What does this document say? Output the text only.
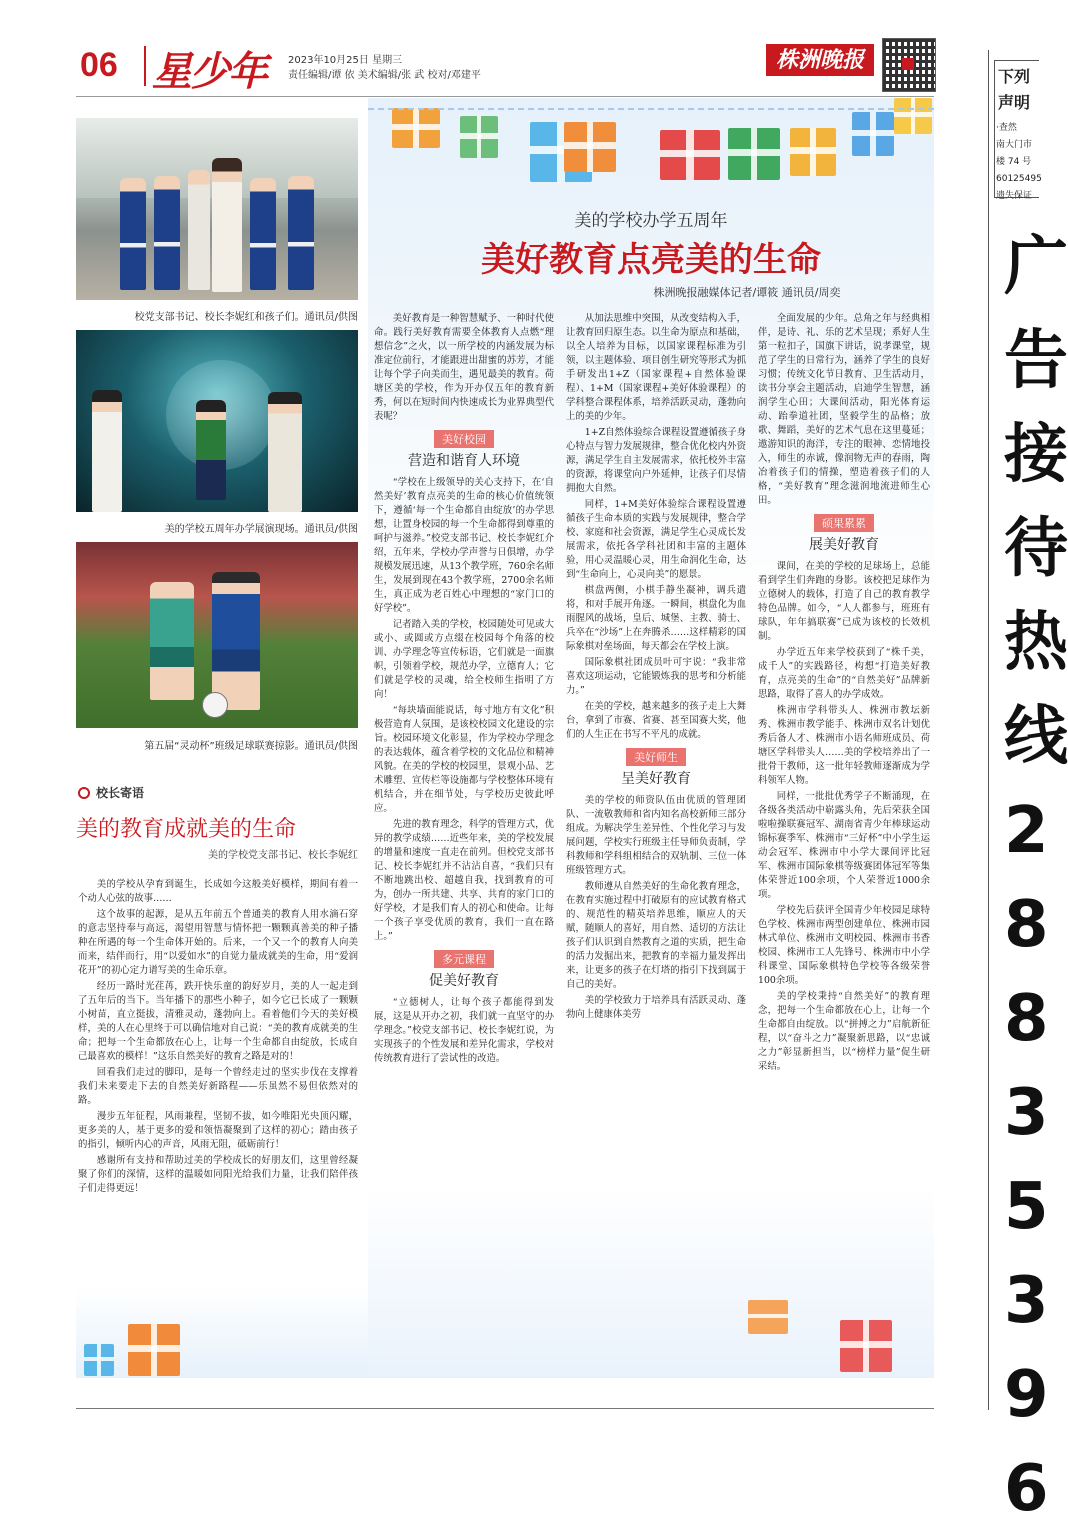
06 星少年 2023年10月25日 星期三
责任编辑/谭 依 美术编辑/张 武 校对/邓建平
株洲晚报
校党支部书记、校长李妮红和孩子们。通讯员/供图
美的学校五周年办学展演现场。通讯员/供图
第五届“灵动杯”班级足球联赛掠影。通讯员/供图
美的学校办学五周年
美好教育点亮美的生命
株洲晚报融媒体记者/谭筱 通讯员/周奕

美好教育是一种智慧赋予、一种时代使命。践行美好教育需要全体教育人点燃“理想信念”之火，以一所学校的内涵发展为标准定位前行，才能跟进出甜蜜的苏芳，才能让每个学子向美而生，遇见最美的教育。荷塘区美的学校，作为开办仅五年的教育新秀，何以在短时间内快速成长为业界典型代表呢？

美好校园
营造和谐育人环境

“学校在上级领导的关心支持下，在‘自然美好’教育点亮美的生命的核心价值统领下，遵循‘每一个生命都自由绽放’的办学思想，让置身校园的每一个生命都得到尊重的呵护与滋养。”校党支部书记、校长李妮红介绍，五年来，学校办学声誉与日俱增，办学规模发展迅速，从13个教学班，760余名师生，发展到现在43个教学班，2700余名师生，真正成为老百姓心中理想的“家门口的好学校”。

记者踏入美的学校，校园随处可见或大或小、或圆或方点缀在校园每个角落的校训、办学理念等宣传标语，它们就是一面旗帜，引领着学校，规范办学，立德育人；它们就是学校的灵魂，给全校师生指明了方向！

“每块墙面能说话，每寸地方有文化”积极营造育人氛围，是该校校园文化建设的宗旨。校园环境文化彰显，作为学校办学理念的表达载体，蕴含着学校的文化品位和精神风貌。在美的学校的校园里，景观小品、艺术雕塑、宣传栏等设施都与学校整体环境有机结合，并在细节处，与学校历史彼此呼应。

先进的教育理念，科学的管理方式，优异的教学成绩……近些年来，美的学校发展的增量和速度一直走在前列。但校党支部书记、校长李妮红并不沾沾自喜，“我们只有不断地跳出校、超越自我，找到教育的可为，创办一所共建、共享、共育的家门口的好学校，才是我们育人的初心和使命。让每一个孩子享受优质的教育，我们一直在路上。”

多元课程
促美好教育

“立德树人，让每个孩子都能得到发展，这是从开办之初，我们就一直坚守的办学理念。”校党支部书记、校长李妮红说，为实现孩子的个性发展和差异化需求，学校对传统教育进行了尝试性的改造。

从加法思维中突围，从改变结构入手，让教育回归原生态。以生命为原点和基础，以全人培养为目标，以国家课程标准为引领，以主题体验、项目创生研究等形式为抓手研发出1+Z（国家课程+自然体验课程）、1+M（国家课程+美好体验课程）的学科整合课程体系，培养活跃灵动，蓬勃向上的美的少年。

1+Z自然体验综合课程设置遵循孩子身心特点与智力发展规律，整合优化校内外资源，满足学生自主发展需求，依托校外丰富的资源，将课堂向户外延伸，让孩子们尽情拥抱大自然。

同样，1+M美好体验综合课程设置遵循孩子生命本质的实践与发展规律，整合学校、家庭和社会资源，满足学生心灵成长发展需求，依托各学科社团和丰富的主题体验，用心灵温暖心灵，用生命润化生命，达到“生命向上，心灵向美”的愿景。

棋盘两侧，小棋手静坐凝神，调兵遣将，和对手展开角逐。一瞬间，棋盘化为血雨腥风的战场，皇后、城堡、主教、骑士、兵卒在“沙场”上在奔腾杀……这样精彩的国际象棋对垒场面，每天都会在学校上演。

国际象棋社团成员叶可宇说：“我非常喜欢这项运动，它能锻炼我的思考和分析能力。”

在美的学校，越来越多的孩子走上大舞台，拿到了市赛、省赛、甚至国赛大奖，他们的人生正在书写不平凡的成就。

美好师生
呈美好教育

美的学校的师资队伍由优质的管理团队、一流敬教师和省内知名高校新师三部分组成。为解决学生差异性、个性化学习与发展问题，学校实行班级主任导师负责制，学科教师和学科组相结合的双轨制、三位一体班级管理方式。

教师遵从自然美好的生命化教育理念，在教育实施过程中打破原有的应试教育格式的、规范性的精英培养思维，顺应人的天赋，随顺人的喜好，用自然、适切的方法让孩子们认识到自然教育之道的实质，把生命的活力发掘出来，把教育的幸福力量发挥出来，让更多的孩子在灯塔的指引下找到属于自己的美好。

美的学校致力于培养具有活跃灵动、蓬勃向上健康体美劳

全面发展的少年。总角之年与经典相伴，是诗、礼、乐的艺术呈现；系好人生第一粒扣子，国旗下讲话，说孝课堂，规范了学生的日常行为，涵养了学生的良好习惯；传统文化节日教育、卫生活动月，读书分享会主题活动，启迪学生智慧，涵润学生心田；大课间活动，阳光体育运动、跆拳道社团，坚毅学生的品格；放歌、舞蹈，美好的艺术气息在这里蔓延；遨游知识的海洋，专注的眼神、恋情地投入，师生的赤诚，像润物无声的春雨，陶冶着孩子们的情操，塑造着孩子们的人格，“美好教育”理念滋润地流进师生心田。

硕果累累
展美好教育

课间，在美的学校的足球场上，总能看到学生们奔跑的身影。该校把足球作为立德树人的载体，打造了自己的教育教学特色品牌。如今，“人人都参与，班班有球队，年年搞联赛”已成为该校的长效机制。

办学近五年来学校获到了“株千美，成千人”的实践路径，构想“打造美好教育，点亮美的生命”的“自然美好”品牌新思路，取得了喜人的办学成效。

株洲市学科带头人、株洲市教坛新秀、株洲市教学能手、株洲市双名计划优秀后备人才、株洲市小语名师班成员、荷塘区学科带头人……美的学校培养出了一批骨干教师，这一批年轻教师逐渐成为学科领军人物。

同样，一批批优秀学子不断涌现，在各级各类活动中崭露头角，先后荣获全国啦啦操联赛冠军、湖南省青少年棒球运动锦标赛季军、株洲市“三好杯”中小学生运动会冠军、株洲市中小学大课间评比冠军、株洲市国际象棋等级赛团体冠军等集体荣誉近100余项，个人荣誉近1000余项。

学校先后获评全国青少年校园足球特色学校、株洲市两型创建单位、株洲市园林式单位、株洲市文明校园、株洲市书香校园、株洲市工人先锋号、株洲市中小学科课堂、国际象棋特色学校等各级荣誉100余项。

美的学校秉持“自然美好”的教育理念，把每一个生命都放在心上，让每一个生命都自由绽放。以“拼搏之力”启航新征程，以“奋斗之力”凝聚新思路，以“忠诚之力”彰显新担当，以“榜样力量”促生研采结。

校长寄语
美的教育成就美的生命
美的学校党支部书记、校长李妮红

美的学校从孕育到诞生，长成如今这般美好模样，期间有着一个动人心弦的故事……

这个故事的起源，是从五年前五个普通美的教育人用水滴石穿的意志坚持奉与高远，渴望用智慧与情怀把一颗颗真善美的种子播种在所遇的每一个生命体开始的。后来，一个又一个的教育人向美而来，结伴而行，用“以爱如水”的自觉力量成就美的生命，用“爱润花开”的初心定力谱写美的生命乐章。

经历一路时光荏苒，跌开快乐童的韵好岁月，美的人一起走到了五年后的当下。当年播下的那些小种子，如今它已长成了一颗颗小树苗，直立挺拔，清雅灵动，蓬勃向上。看着他们今天的美好模样，美的人在心里终于可以确信地对自己说：“美的教育成就美的生命；把每一个生命都放在心上，让每一个生命都自由绽放，长成自己最喜欢的模样！”这乐自然美好的教育之路是对的！

回看我们走过的脚印，是每一个曾经走过的坚实步伐在支撑着我们未来要走下去的自然美好新路程——乐虽然不易但依然对的路。

漫步五年征程，风雨兼程，坚韧不拔，如今唯阳光央顶闪耀，更多美的人，基于更多的爱和领悟凝聚到了这样的初心；踏由孩子的指引，倾听内心的声音，风雨无阻，砥砺前行！

感谢所有支持和帮助过美的学校成长的好朋友们，这里曾经凝聚了你们的深情，这样的温暖如同阳光给我们力量，让我们陪伴孩子们走得更远！

下列
声明
·查然
南大门市
楼 74 号
60125495
遗失保证
广
告
接
待
热
线
2
8
8
3
5
3
9
6
